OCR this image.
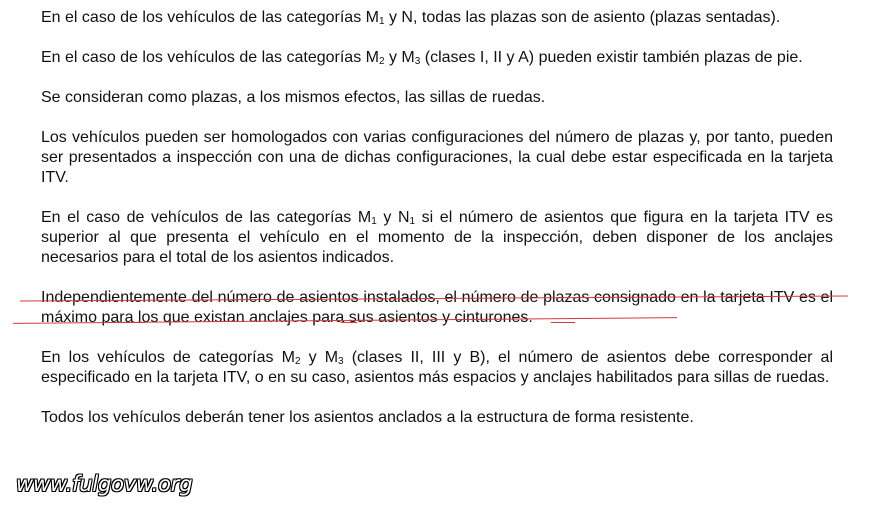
En el caso de los vehículos de las categorías $M_1$ y N, todas las plazas son de asiento (plazas sentadas).

En el caso de los vehículos de las categorías $M_2$ y $M_3$ (clases I, II y A) pueden existir también plazas de pie.

Se consideran como plazas, a los mismos efectos, las sillas de ruedas.

Los vehículos pueden ser homologados con varias configuraciones del número de plazas y, por tanto, pueden ser presentados a inspección con una de dichas configuraciones, la cual debe estar especificada en la tarjeta ITV.

En el caso de vehículos de las categorías $M_1$ y $N_1$ si el número de asientos que figura en la tarjeta ITV es superior al que presenta el vehículo en el momento de la inspección, deben disponer de los anclajes necesarios para el total de los asientos indicados.

Independientemente del número de asientos instalados, el número de plazas consignado en la tarjeta ITV es el máximo para los que existan anclajes para sus asientos y cinturones.

En los vehículos de categorías $M_2$ y $M_3$ (clases II, III y B), el número de asientos debe corresponder al especificado en la tarjeta ITV, o en su caso, asientos más espacios y anclajes habilitados para sillas de ruedas.

Todos los vehículos deberán tener los asientos anclados a la estructura de forma resistente.

www.fulgovw.org
